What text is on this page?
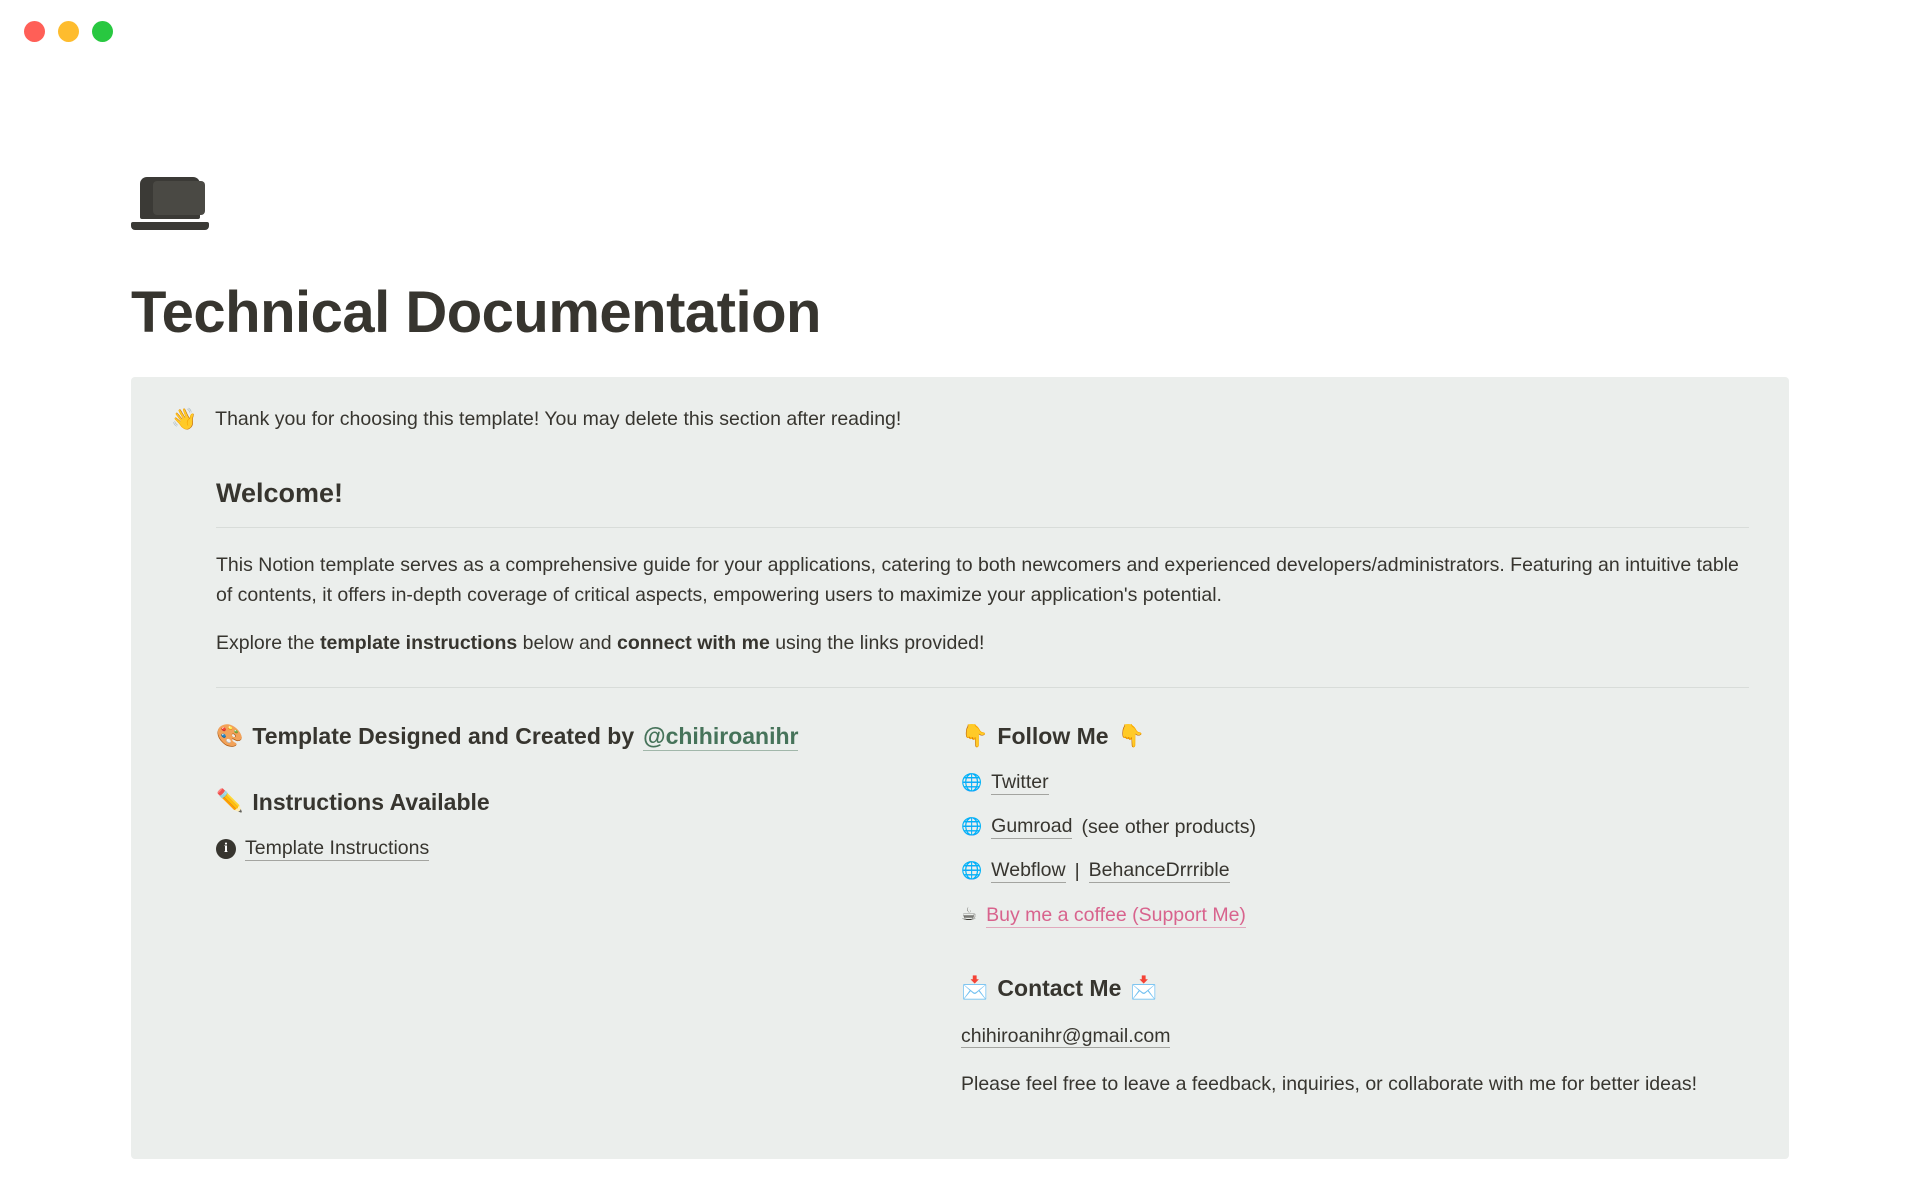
Technical Documentation
👋 Thank you for choosing this template! You may delete this section after reading!
Welcome!

This Notion template serves as a comprehensive guide for your applications, catering to both newcomers and experienced developers/administrators. Featuring an intuitive table of contents, it offers in-depth coverage of critical aspects, empowering users to maximize your application's potential.

Explore the template instructions below and connect with me using the links provided!

🎨 Template Designed and Created by @chihiroanihr
✏️ Instructions Available
i Template Instructions
👇 Follow Me 👇
🌐 Twitter
🌐 Gumroad (see other products)
🌐 Webflow | BehanceDrrrible
☕ Buy me a coffee (Support Me)
📩 Contact Me 📩
chihiroanihr@gmail.com

Please feel free to leave a feedback, inquiries, or collaborate with me for better ideas!
